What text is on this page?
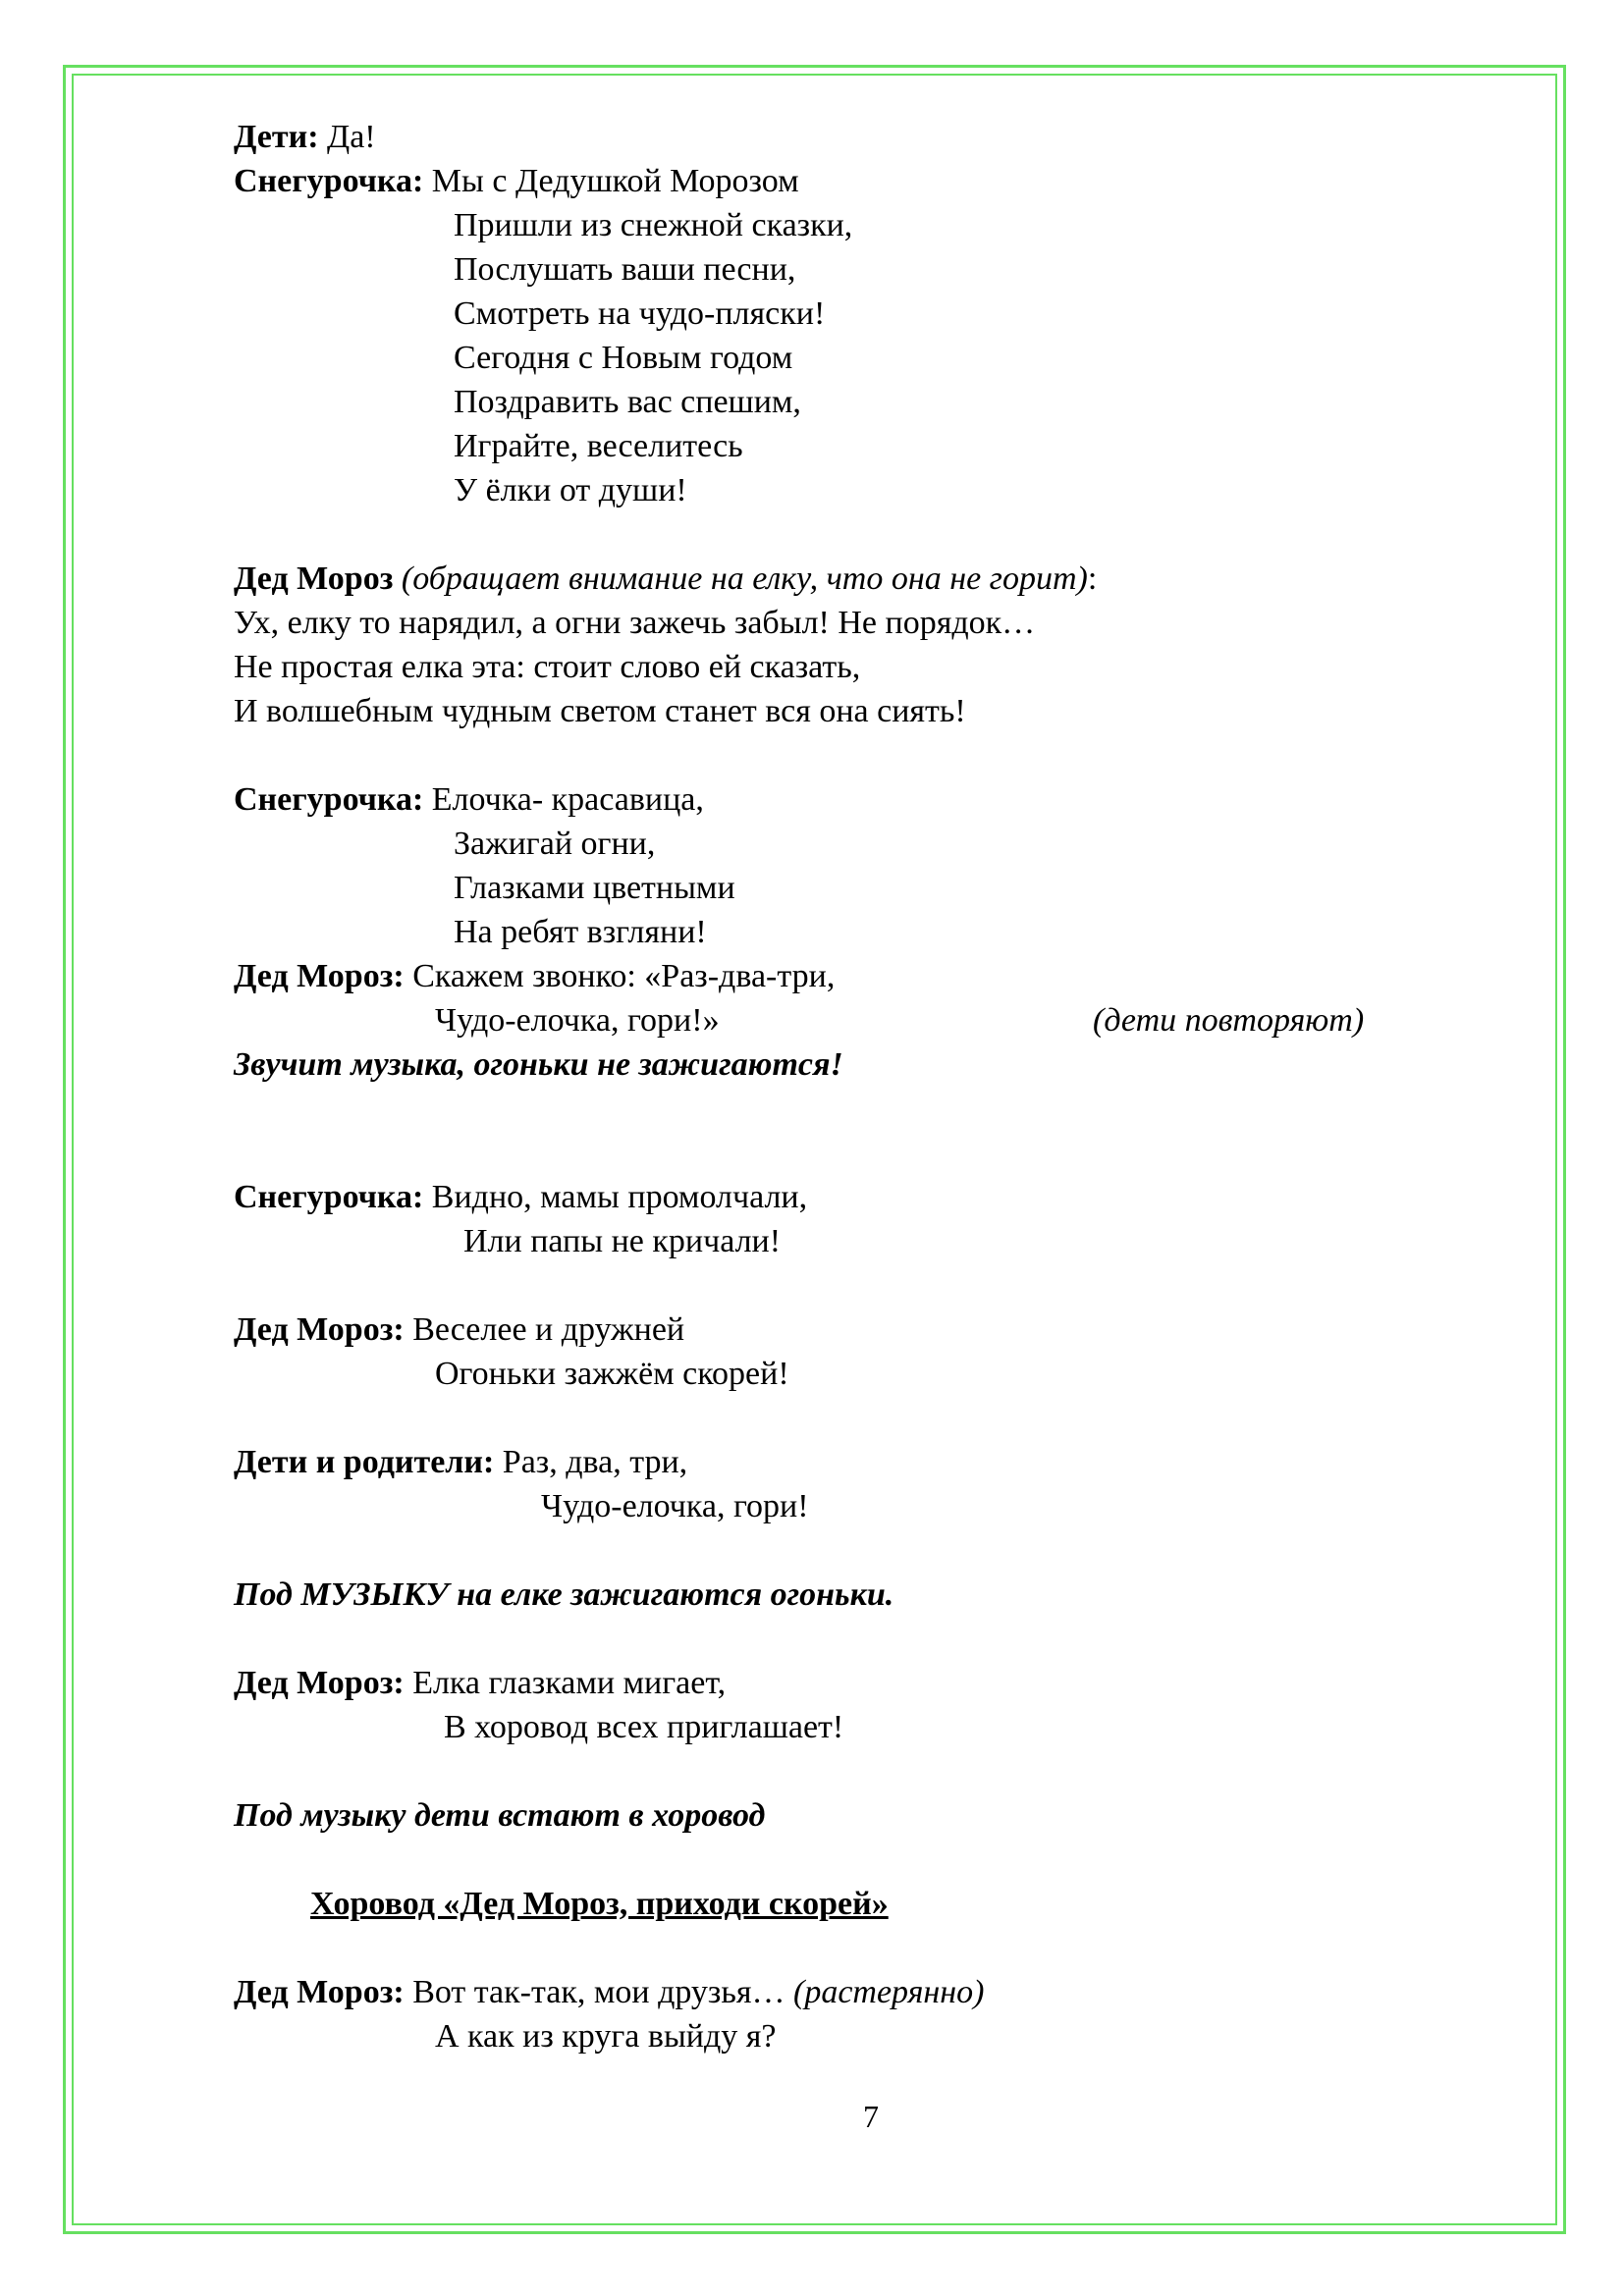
Дети: Да!
Снегурочка: Мы с Дедушкой Морозом
Пришли из снежной сказки,
Послушать ваши песни,
Смотреть на чудо-пляски!
Сегодня с Новым годом
Поздравить вас спешим,
Играйте, веселитесь
У ёлки от души!
Дед Мороз (обращает внимание на елку, что она не горит):
Ух, елку то нарядил, а огни зажечь забыл! Не порядок…
Не простая елка эта: стоит слово ей сказать,
И волшебным чудным светом станет вся она сиять!
Снегурочка: Елочка- красавица,
Зажигай огни,
Глазками цветными
На ребят взгляни!
Дед Мороз: Скажем звонко: «Раз-два-три,
Чудо-елочка, гори!»	(дети повторяют)
Звучит музыка, огоньки не зажигаются!
Снегурочка: Видно, мамы промолчали,
Или папы не кричали!
Дед Мороз: Веселее и дружней
Огоньки зажжём скорей!
Дети и родители: Раз, два, три,
Чудо-елочка, гори!
Под МУЗЫКУ на елке зажигаются огоньки.
Дед Мороз: Елка глазками мигает,
В хоровод всех приглашает!
Под музыку дети встают в хоровод
Хоровод «Дед Мороз, приходи скорей»
Дед Мороз: Вот так-так, мои друзья… (растерянно)
А как из круга выйду я?
7
